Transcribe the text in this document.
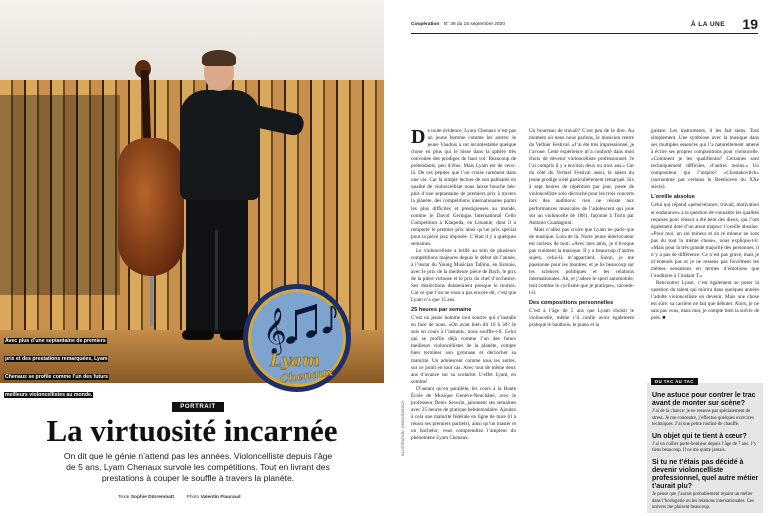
Avec plus d’une septantaine de premiers prix et des prestations remarquées, Lyam Chenaux se profile comme l’un des futurs meilleurs violoncellistes au monde.
PORTRAIT
La virtuosité incarnée

On dit que le génie n’attend pas les années. Violoncelliste depuis l’âge de 5 ans, Lyam Chenaux survole les compétitions. Tout en livrant des prestations à couper le souffle à travers la planète.

Texte Sophie Dürrenmatt	Photo Valentin Flauraud
Coopération N° 38 du 15 septembre 2020	À LA UNE 19
ILLUSTRATION: JOANA BOESCH

De toute évidence, Lyam Chenaux n’est pas un jeune homme comme les autres: le jeune Vaudois a cet incontestable quelque chose en plus qui le hisse dans la sphère très convoitée des prodiges de haut vol. Beaucoup de prétendants, peu d’élus. Mais Lyam est de ceux-là. De ces pépites que l’on croise rarement dans une vie. Car la simple lecture de son palmarès en qualité de violoncelliste nous laisse bouche bée: plus d’une septantaine de premiers prix à travers la planète, des compétitions internationales parmi les plus difficiles et prestigieuses au monde, comme le David Geringas International Cello Competition à Klaipeda, en Lituanie, dont il a remporté le premier prix ainsi qu’un prix spécial pour la pièce jazz imposée. C’était il y a quelques semaines.

Le violoncelliste a brillé au sein de plusieurs compétitions majeures depuis le début de l’année, à l’instar du Young Musician Tallinn, en Estonie, avec le prix de la meilleure pièce de Bach, le prix de la pièce virtuose et le prix du chef d’orchestre. Ses distinctions donneraient presque le tournis. Car ce que l’on ne vous a pas encore dit, c’est que Lyam n’a que 15 ans.

25 heures par semaine

C’est un jeune homme tout sourire qui s’installe en face de nous. «On avait bien dit 16 h 30? Je suis en cours à l’instant», nous souffle-t-il. Celui qui se profile déjà comme l’un des futurs meilleurs violoncellistes de la planète, compte bien terminer son gymnase et décrocher sa maturité. Un adolescent comme tous les autres, sur ce point en tout cas. Avec tout de même deux ans d’avance sur sa scolarité. L’effet Lyam, en somme!

D’autant qu’en parallèle, les cours à la Haute École de Musique Genève-Neuchâtel, avec le professeur Denis Severin, jalonnent ses semaines avec 25 heures de pratique hebdomadaire. Ajoutez à cela une maturité fédérale en ligne de mire (il a réussi ses premiers partiels), ainsi qu’un master et un bachelor, vous comprendrez l’ampleur du phénomène Lyam Chenaux.

Un bourreau de travail? C’est peu de le dire. Au moment où nous nous parlons, le musicien rentre du Verbier Festival. «J’ai été très impressionné, je l’avoue. Cette expérience m’a conforté dans mon choix de devenir violoncelliste professionnel. Je l’ai compris il y a environ deux ou trois ans.» Car du côté du Verbier Festival aussi, le talent du jeune prodige a été particulièrement remarqué. Six à sept heures de répétition par jour, poste de violoncelliste solo décroché pour les trois concerts lors des auditions: rien ne résiste aux performances musicales de l’adolescent qui joue sur un violoncelle de 1881, façonné à Turin par Antonio Guadagnini.

Mais n’allez pas croire que Lyam ne parle que de musique. Loin de là. Notre jeune interlocuteur est curieux de tout: «Avec mes amis, je n’évoque pas vraiment la musique. Il y a beaucoup d’autres sujets, celui-là m’appartient. Sinon, je me passionne pour les montres, et je lis beaucoup sur les sciences politiques et les relations internationales. Ah, et j’adore le sport automobile, tout comme le cyclisme que je pratique», raconte-t-il.

Des compositions personnelles

C’est à l’âge de 5 ans que Lyam choisit le violoncelle, même s’il confie avoir également pratiqué le hautbois, le piano et la

guitare. Les instruments, il les fait siens. Tout simplement. Une symbiose avec la musique dans ses multiples essences qui l’a naturellement amené à écrire ses propres compositions pour violoncelle. «Comment je les qualifierais? Certaines sont techniquement difficiles, d’autres moins.» Un compositeur qui l’inspire? «Chostakovitch» (surnommé par certains le Beethoven du XXe siècle).

L’oreille absolue

Celui qui répond «persévérance, travail, motivation et endurance» à la question de connaître les qualités requises pour réussir a été béni des dieux, qui l’ont également doté d’un atout majeur: l’oreille absolue. «Pour moi, un sol mineur et un ré mineur ne sont pas du tout la même chose», nous explique-t-il. «Mais pour la très grande majorité des personnes, il n’y a pas de différence. Ce n’est pas grave, mais je m’entends pas et je ne ressens pas forcément les mêmes sensations en termes d’émotions que l’auditoire à l’instant T.»

Rencontrer Lyam, c’est également se poser la question du talent qui mûrira dans quelques années l’adulte violoncelliste en devenir. Mais une chose est sûre: sa carrière ne fait que débuter. Alors, je ne sais pas vous, mais moi, je compte bien la suivre de près. ■

DU TAC AU TAC
Une astuce pour contrer le trac avant de monter sur scène?

J’ai de la chance: je ne ressens pas spécialement de stress. Je me concentre, j’effectue quelques exercices techniques. J’ai une petite routine de chauffe.

Un objet qui te tient à cœur?

J’ai un collier porte-bonheur depuis l’âge de 7 ans. J’y tiens beaucoup. Il ne me quitte jamais.

Si tu ne t’étais pas décidé à devenir violoncelliste professionnel, quel autre métier t’aurait plu?

Je pense que j’aurais probablement rejoint un métier dans l’horlogerie ou les relations internationales. Ces univers me plaisent beaucoup.

𝄞
Lyam
Chenaux
